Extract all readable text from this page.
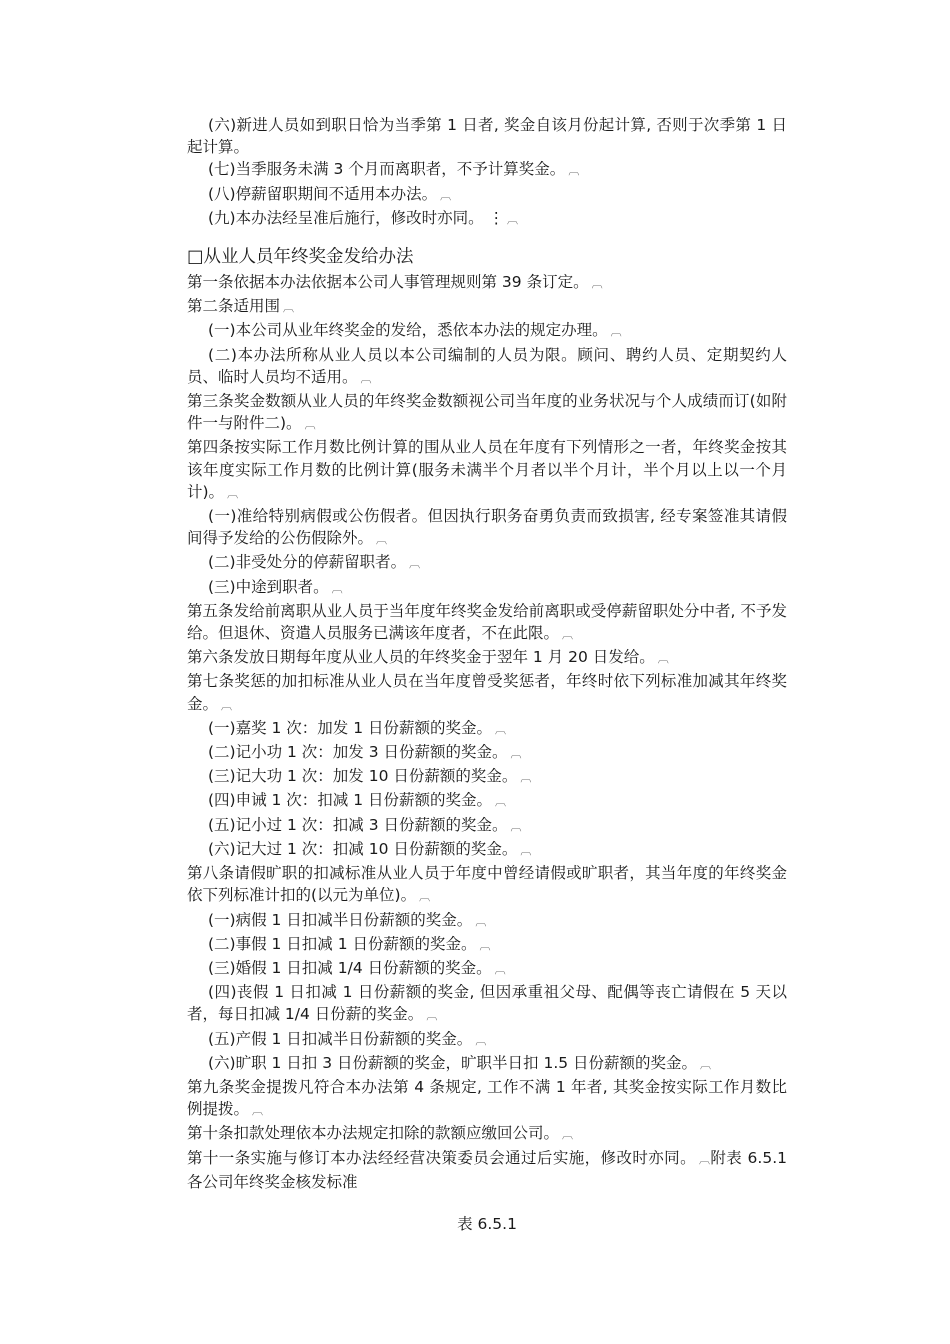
(六)新进人员如到职日恰为当季第 1 日者, 奖金自该月份起计算, 否则于次季第 1 日起计算。

(七)当季服务未满 3 个月而离职者，不予计算奖金。 ︹

(八)停薪留职期间不适用本办法。 ︹

(九)本办法经呈准后施行，修改时亦同。 ⋮ ︹

□从业人员年终奖金发给办法

第一条依据本办法依据本公司人事管理规则第 39 条订定。 ︹

第二条适用围 ︹

(一)本公司从业年终奖金的发给，悉依本办法的规定办理。 ︹

(二)本办法所称从业人员以本公司编制的人员为限。顾问、聘约人员、定期契约人员、临时人员均不适用。 ︹

第三条奖金数额从业人员的年终奖金数额视公司当年度的业务状况与个人成绩而订(如附件一与附件二)。 ︹

第四条按实际工作月数比例计算的围从业人员在年度有下列情形之一者，年终奖金按其该年度实际工作月数的比例计算(服务未满半个月者以半个月计，半个月以上以一个月计)。 ︹

(一)准给特别病假或公伤假者。但因执行职务奋勇负责而致损害, 经专案签准其请假间得予发给的公伤假除外。 ︹

(二)非受处分的停薪留职者。 ︹

(三)中途到职者。 ︹

第五条发给前离职从业人员于当年度年终奖金发给前离职或受停薪留职处分中者, 不予发给。但退休、资遣人员服务已满该年度者，不在此限。 ︹

第六条发放日期每年度从业人员的年终奖金于翌年 1 月 20 日发给。 ︹

第七条奖惩的加扣标准从业人员在当年度曾受奖惩者，年终时依下列标准加减其年终奖金。 ︹

(一)嘉奖 1 次：加发 1 日份薪额的奖金。 ︹

(二)记小功 1 次：加发 3 日份薪额的奖金。 ︹

(三)记大功 1 次：加发 10 日份薪额的奖金。 ︹

(四)申诫 1 次：扣减 1 日份薪额的奖金。 ︹

(五)记小过 1 次：扣减 3 日份薪额的奖金。 ︹

(六)记大过 1 次：扣减 10 日份薪额的奖金。 ︹

第八条请假旷职的扣减标准从业人员于年度中曾经请假或旷职者，其当年度的年终奖金依下列标准计扣的(以元为单位)。 ︹

(一)病假 1 日扣减半日份薪额的奖金。 ︹

(二)事假 1 日扣减 1 日份薪额的奖金。 ︹

(三)婚假 1 日扣减 1/4 日份薪额的奖金。 ︹

(四)丧假 1 日扣减 1 日份薪额的奖金, 但因承重祖父母、配偶等丧亡请假在 5 天以者，每日扣减 1/4 日份薪的奖金。 ︹

(五)产假 1 日扣减半日份薪额的奖金。 ︹

(六)旷职 1 日扣 3 日份薪额的奖金，旷职半日扣 1.5 日份薪额的奖金。 ︹

第九条奖金提拨凡符合本办法第 4 条规定, 工作不满 1 年者, 其奖金按实际工作月数比例提拨。 ︹

第十条扣款处理依本办法规定扣除的款额应缴回公司。 ︹

第十一条实施与修订本办法经经营决策委员会通过后实施，修改时亦同。 ︹附表 6.5.1 各公司年终奖金核发标准

表 6.5.1
